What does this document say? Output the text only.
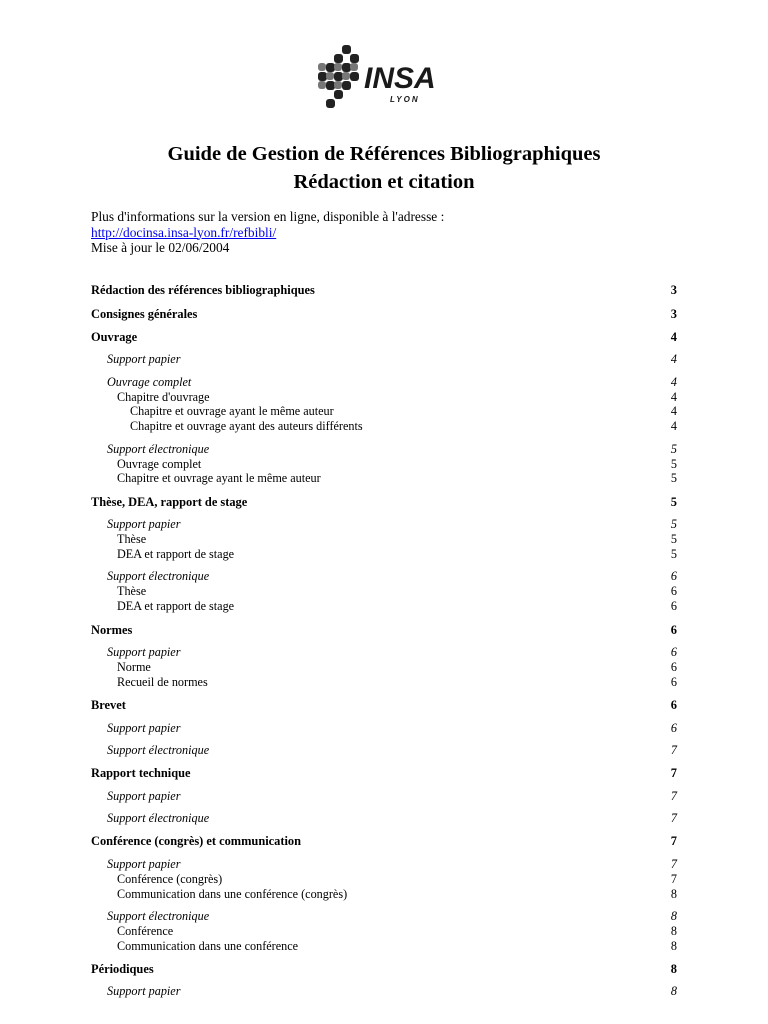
INSA
LYON
Guide de Gestion de Références Bibliographiques
Rédaction et citation
Plus d'informations sur la version en ligne, disponible à l'adresse :
http://docinsa.insa-lyon.fr/refbibli/
Mise à jour le 02/06/2004
Rédaction des références bibliographiques	3
Consignes générales	3
Ouvrage	4
Support papier	4
Ouvrage complet	4
Chapitre d'ouvrage	4
Chapitre et ouvrage ayant le même auteur	4
Chapitre et ouvrage ayant des auteurs différents	4
Support électronique	5
Ouvrage complet	5
Chapitre et ouvrage ayant le même auteur	5
Thèse, DEA, rapport de stage	5
Support papier	5
Thèse	5
DEA et rapport de stage	5
Support électronique	6
Thèse	6
DEA et rapport de stage	6
Normes	6
Support papier	6
Norme	6
Recueil de normes	6
Brevet	6
Support papier	6
Support électronique	7
Rapport technique	7
Support papier	7
Support électronique	7
Conférence (congrès) et communication	7
Support papier	7
Conférence (congrès)	7
Communication dans une conférence (congrès)	8
Support électronique	8
Conférence	8
Communication dans une conférence	8
Périodiques	8
Support papier	8
